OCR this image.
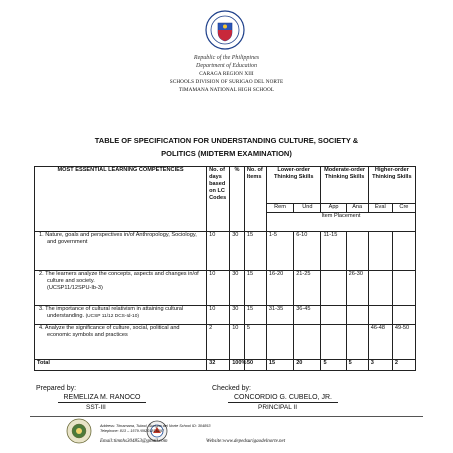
Republic of the Philippines
Department of Education
CARAGA REGION XIII
SCHOOLS DIVISION OF SURIGAO DEL NORTE
TIMAMANA NATIONAL HIGH SCHOOL
TABLE OF SPECIFICATION FOR UNDERSTANDING CULTURE, SOCIETY &
POLITICS (MIDTERM EXAMINATION)
MOST ESSENTIAL LEARNING COMPETENCIES	No. of days based on LC Codes	%	No. of Items	Lower-order Thinking Skills		Moderate-order Thinking Skills		Higher-order Thinking Skills	
				Rem	Und	App	Ana	Eval	Cre
				Item Placement					
1. Nature, goals and perspectives in/of Anthropology, Sociology, and government	10	30	15	1-5	6-10	11-15			
2. The learners analyze the concepts, aspects and changes in/of culture and society.
(UCSP11/12SPU-Ib-3)	10	30	15	16-20	21-25		26-30		
3. The importance of cultural relativism in attaining cultural understanding. (UCSP 11/12 DCS-Id-10)	10	30	15	31-35	36-45				
4. Analyze the significance of culture, social, political and economic symbols and practices	2	10	5					46-48	49-50
Total	32	100%	50	15	20	5	5	3	2
Prepared by:
REMELIZA M. RANOCO
SST-III
Checked by:
CONCORDIO G. CUBELO, JR.
PRINCIPAL II
Address: Timamana, Tubod, Surigao del Norte School ID: 304853
Telephone: 813 – 1579 /09201816297
Email:timnhs304853@gmail.com	Website:www.depedsurigaodelnorte.net
